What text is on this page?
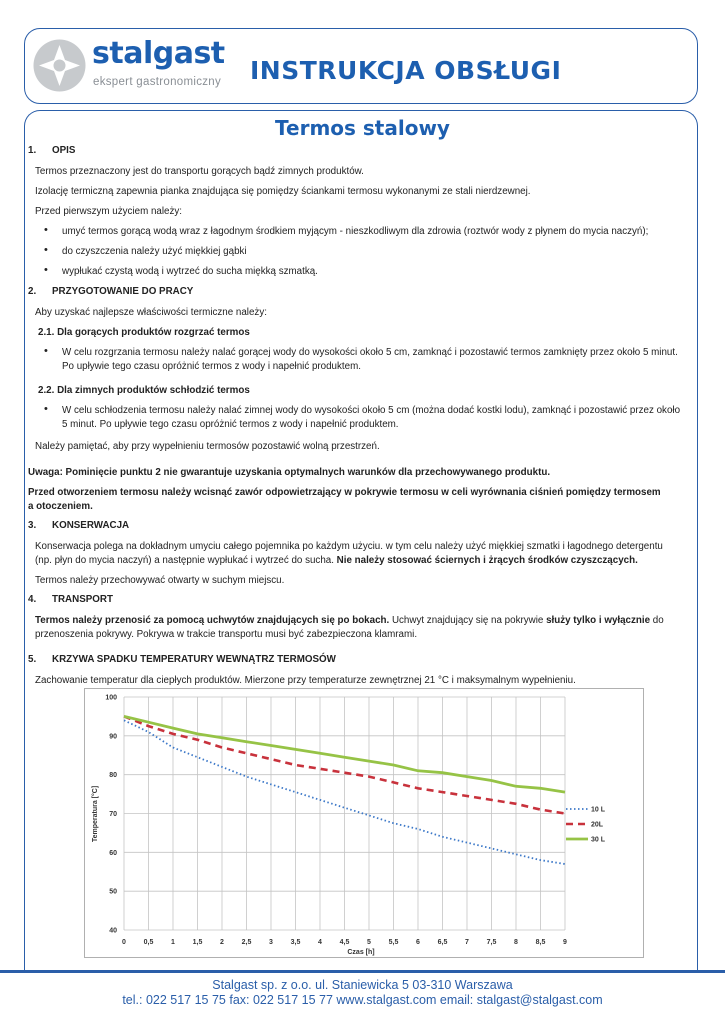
stalgast
ekspert gastronomiczny INSTRUKCJA OBSŁUGI
Termos stalowy
1. OPIS
Termos przeznaczony jest do transportu gorących bądź zimnych produktów.
Izolację termiczną zapewnia pianka znajdująca się pomiędzy ściankami termosu wykonanymi ze stali nierdzewnej.
Przed pierwszym użyciem należy:
• umyć termos gorącą wodą wraz z łagodnym środkiem myjącym - nieszkodliwym dla zdrowia (roztwór wody z płynem do mycia naczyń);
• do czyszczenia należy użyć miękkiej gąbki
• wypłukać czystą wodą i wytrzeć do sucha miękką szmatką.
2. PRZYGOTOWANIE DO PRACY
Aby uzyskać najlepsze właściwości termiczne należy:
2.1. Dla gorących produktów rozgrzać termos
• W celu rozgrzania termosu należy nalać gorącej wody do wysokości około 5 cm, zamknąć i pozostawić termos zamknięty przez około 5 minut.
Po upływie tego czasu opróżnić termos z wody i napełnić produktem.
2.2. Dla zimnych produktów schłodzić termos
• W celu schłodzenia termosu należy nalać zimnej wody do wysokości około 5 cm (można dodać kostki lodu), zamknąć i pozostawić przez około
5 minut. Po upływie tego czasu opróżnić termos z wody i napełnić produktem.
Należy pamiętać, aby przy wypełnieniu termosów pozostawić wolną przestrzeń.
Uwaga: Pominięcie punktu 2 nie gwarantuje uzyskania optymalnych warunków dla przechowywanego produktu.
Przed otworzeniem termosu należy wcisnąć zawór odpowietrzający w pokrywie termosu w celi wyrównania ciśnień pomiędzy termosem
a otoczeniem.
3. KONSERWACJA
Konserwacja polega na dokładnym umyciu całego pojemnika po każdym użyciu. w tym celu należy użyć miękkiej szmatki i łagodnego detergentu
(np. płyn do mycia naczyń) a następnie wypłukać i wytrzeć do sucha. Nie należy stosować ściernych i żrących środków czyszczących.
Termos należy przechowywać otwarty w suchym miejscu.
4. TRANSPORT
Termos należy przenosić za pomocą uchwytów znajdujących się po bokach. Uchwyt znajdujący się na pokrywie służy tylko i wyłącznie do
przenoszenia pokrywy. Pokrywa w trakcie transportu musi być zabezpieczona klamrami.
5. KRZYWA SPADKU TEMPERATURY WEWNĄTRZ TERMOSÓW
Zachowanie temperatur dla ciepłych produktów. Mierzone przy temperaturze zewnętrznej 21 °C i maksymalnym wypełnieniu.
0	0,5	1	1,5	2	2,5	3	3,5	4	4,5	5	5,5	6	6,5	7	7,5	8	8,5	9
40
50
60
70
80
90
100
10 L
20L
30 L
Czas [h]
Temperatura [°C]
Stalgast sp. z o.o. ul. Staniewicka 5 03-310 Warszawa
tel.: 022 517 15 75 fax: 022 517 15 77 www.stalgast.com email: stalgast@stalgast.com
